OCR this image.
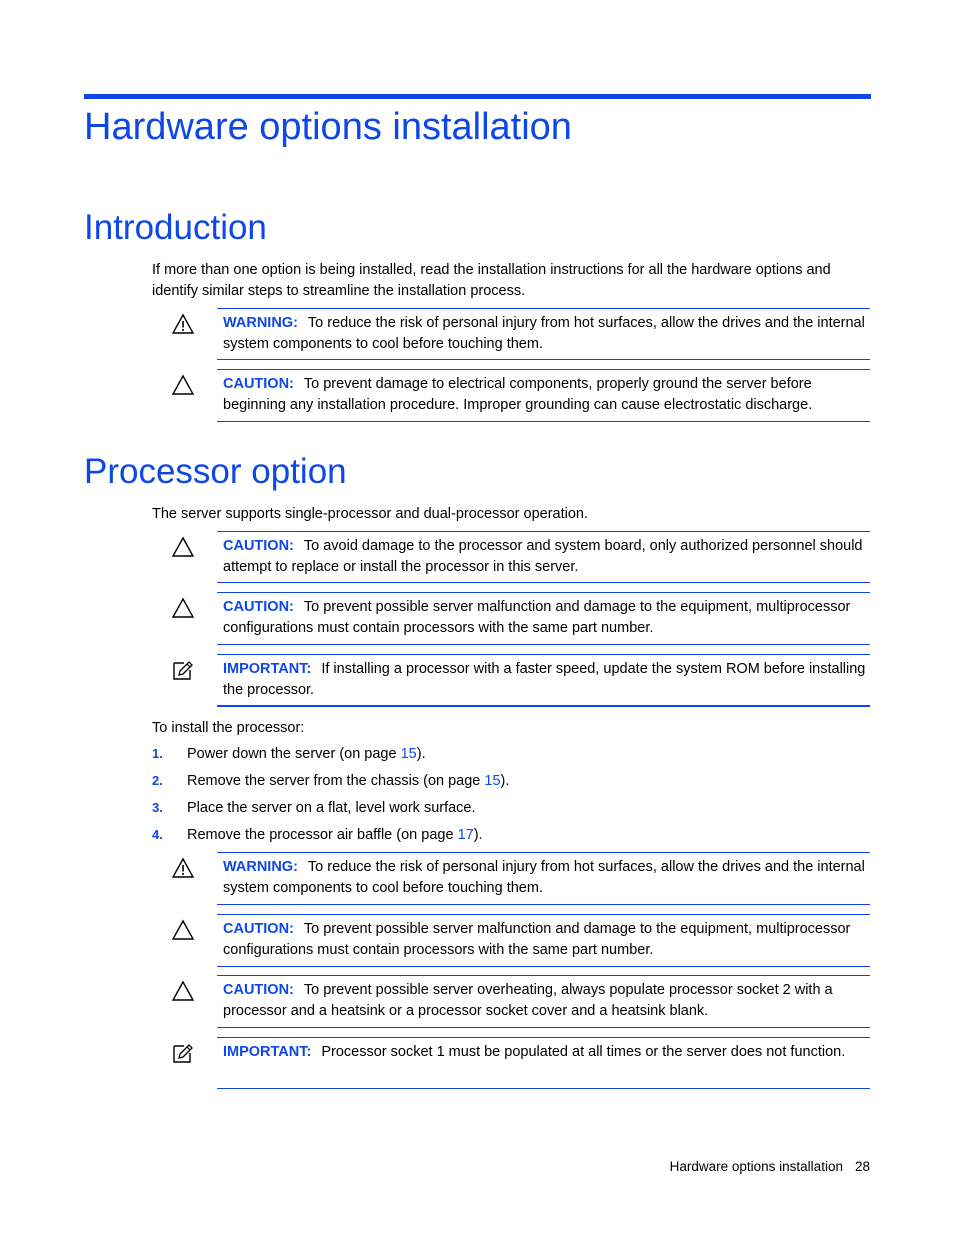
Hardware options installation
Introduction

If more than one option is being installed, read the installation instructions for all the hardware options and identify similar steps to streamline the installation process.

WARNING: To reduce the risk of personal injury from hot surfaces, allow the drives and the internal system components to cool before touching them.

CAUTION: To prevent damage to electrical components, properly ground the server before beginning any installation procedure. Improper grounding can cause electrostatic discharge.

Processor option

The server supports single-processor and dual-processor operation.

CAUTION: To avoid damage to the processor and system board, only authorized personnel should attempt to replace or install the processor in this server.

CAUTION: To prevent possible server malfunction and damage to the equipment, multiprocessor configurations must contain processors with the same part number.

IMPORTANT: If installing a processor with a faster speed, update the system ROM before installing the processor.

To install the processor:

1. Power down the server (on page 15).
2. Remove the server from the chassis (on page 15).
3. Place the server on a flat, level work surface.
4. Remove the processor air baffle (on page 17).

WARNING: To reduce the risk of personal injury from hot surfaces, allow the drives and the internal system components to cool before touching them.

CAUTION: To prevent possible server malfunction and damage to the equipment, multiprocessor configurations must contain processors with the same part number.

CAUTION: To prevent possible server overheating, always populate processor socket 2 with a processor and a heatsink or a processor socket cover and a heatsink blank.

IMPORTANT: Processor socket 1 must be populated at all times or the server does not function.

Hardware options installation 28
